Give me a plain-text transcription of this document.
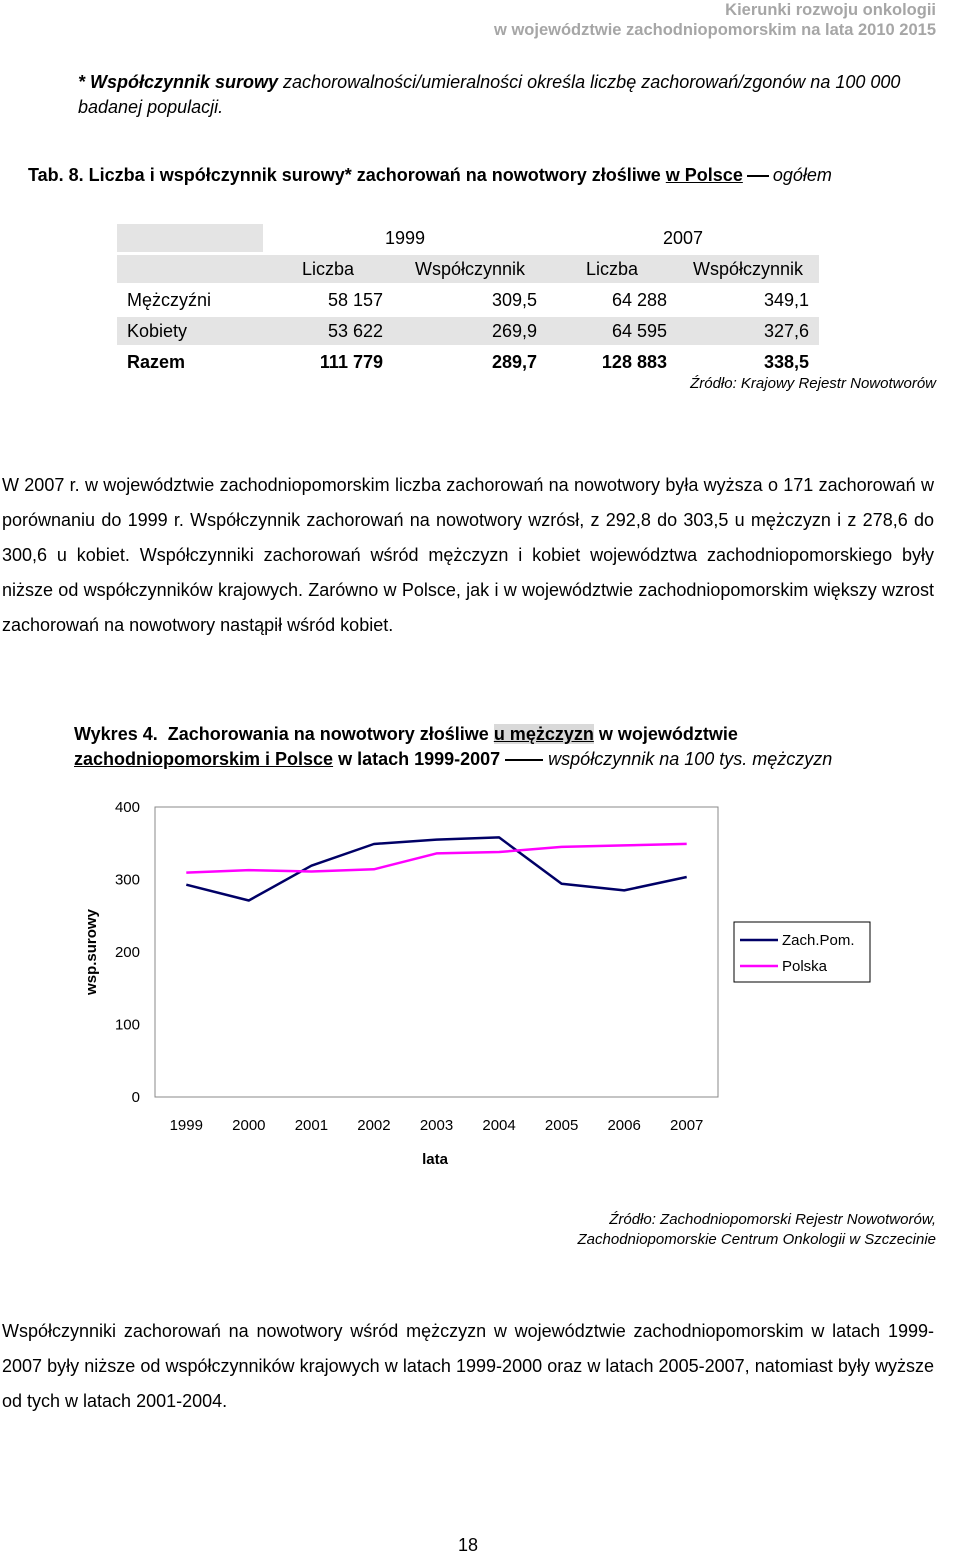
Kierunki rozwoju onkologii
w województwie zachodniopomorskim na lata 2010 2015
* Współczynnik surowy zachorowalności/umieralności określa liczbę zachorowań/zgonów na 100 000 badanej populacji.
Tab. 8. Liczba i współczynnik surowy* zachorowań na nowotwory złośliwe w Polsce ogółem
	1999		2007	
	Liczba	Współczynnik	Liczba	Współczynnik
Mężczyźni	58 157	309,5	64 288	349,1
Kobiety	53 622	269,9	64 595	327,6
Razem	111 779	289,7	128 883	338,5
Źródło: Krajowy Rejestr Nowotworów
W 2007 r. w województwie zachodniopomorskim liczba zachorowań na nowotwory była wyższa o 171 zachorowań w porównaniu do 1999 r. Współczynnik zachorowań na nowotwory wzrósł, z 292,8 do 303,5 u mężczyzn i z 278,6 do 300,6 u kobiet. Współczynniki zachorowań wśród mężczyzn i kobiet województwa zachodniopomorskiego były niższe od współczynników krajowych. Zarówno w Polsce, jak i w województwie zachodniopomorskim większy wzrost zachorowań na nowotwory nastąpił wśród kobiet.
Wykres 4. Zachorowania na nowotwory złośliwe u mężczyzn w województwie
zachodniopomorskim i Polsce w latach 1999-2007	współczynnik na 100 tys. mężczyzn
400
300
200
100
0
1999 2000 2001 2002 2003 2004 2005 2006 2007
lata
wsp.surowy	Zach.Pom.
Polska
Źródło: Zachodniopomorski Rejestr Nowotworów,
Zachodniopomorskie Centrum Onkologii w Szczecinie
Współczynniki zachorowań na nowotwory wśród mężczyzn w województwie zachodniopomorskim w latach 1999-2007 były niższe od współczynników krajowych w latach 1999-2000 oraz w latach 2005-2007, natomiast były wyższe od tych w latach 2001-2004.
18
